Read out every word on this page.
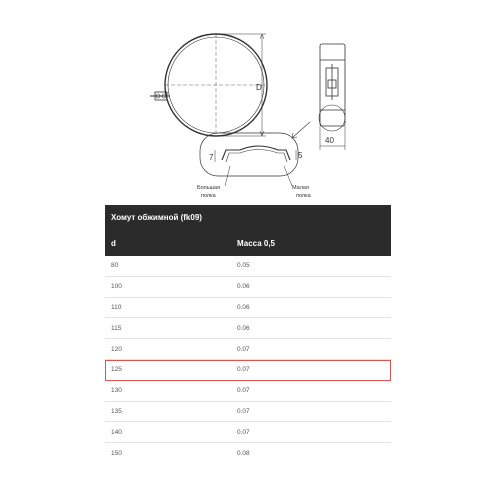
D
40
7	5
Большая
полка
Малая
полка
Хомут обжимной (fk09)
d	Масса 0,5
80	0.05
100	0.06
110	0.06
115	0.06
120	0.07
125	0.07
130	0.07
135	0.07
140	0.07
150	0.08
